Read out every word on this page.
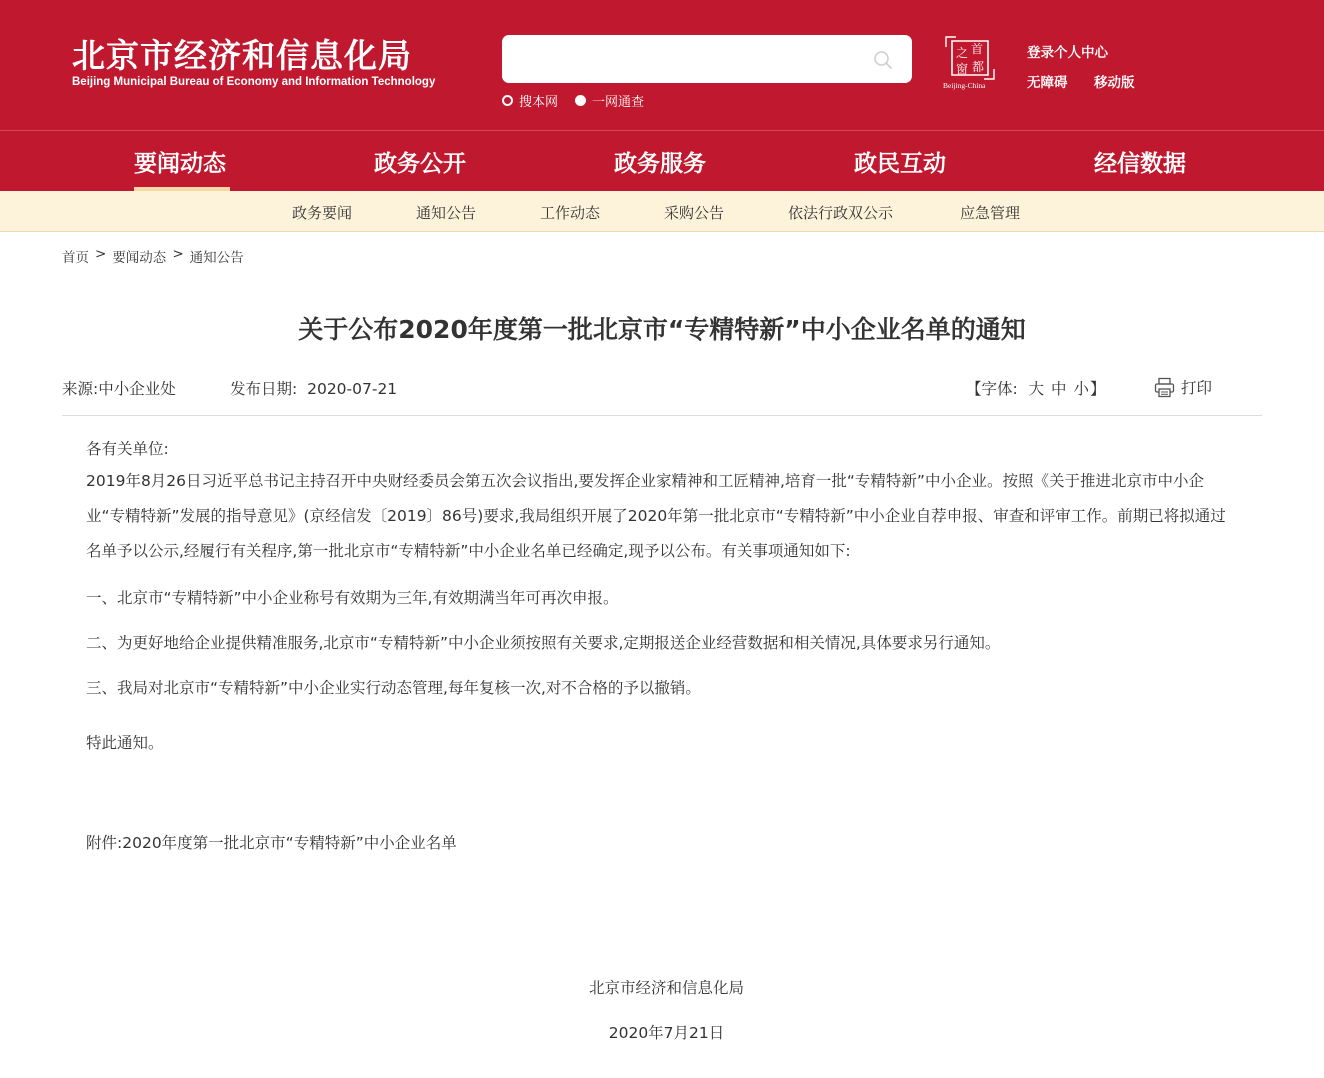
北京市经济和信息化局
Beijing Municipal Bureau of Economy and Information Technology
搜本网	一网通查
首
之
都
窗
Beijing-China
登录个人中心
无障碍 移动版
要闻动态	政务公开	政务服务	政民互动	经信数据
政务要闻	通知公告	工作动态	采购公告	依法行政双公示	应急管理
首页 > 要闻动态 > 通知公告
关于公布2020年度第一批北京市“专精特新”中小企业名单的通知
来源:中小企业处	发布日期: 2020-07-21	【字体: 大 中 小】	打印
各有关单位:

2019年8月26日习近平总书记主持召开中央财经委员会第五次会议指出,要发挥企业家精神和工匠精神,培育一批“专精特新”中小企业。按照《关于推进北京市中小企业“专精特新”发展的指导意见》(京经信发〔2019〕86号)要求,我局组织开展了2020年第一批北京市“专精特新”中小企业自荐申报、审查和评审工作。前期已将拟通过名单予以公示,经履行有关程序,第一批北京市“专精特新”中小企业名单已经确定,现予以公布。有关事项通知如下:

一、北京市“专精特新”中小企业称号有效期为三年,有效期满当年可再次申报。

二、为更好地给企业提供精准服务,北京市“专精特新”中小企业须按照有关要求,定期报送企业经营数据和相关情况,具体要求另行通知。

三、我局对北京市“专精特新”中小企业实行动态管理,每年复核一次,对不合格的予以撤销。

特此通知。

附件:2020年度第一批北京市“专精特新”中小企业名单
北京市经济和信息化局
2020年7月21日
